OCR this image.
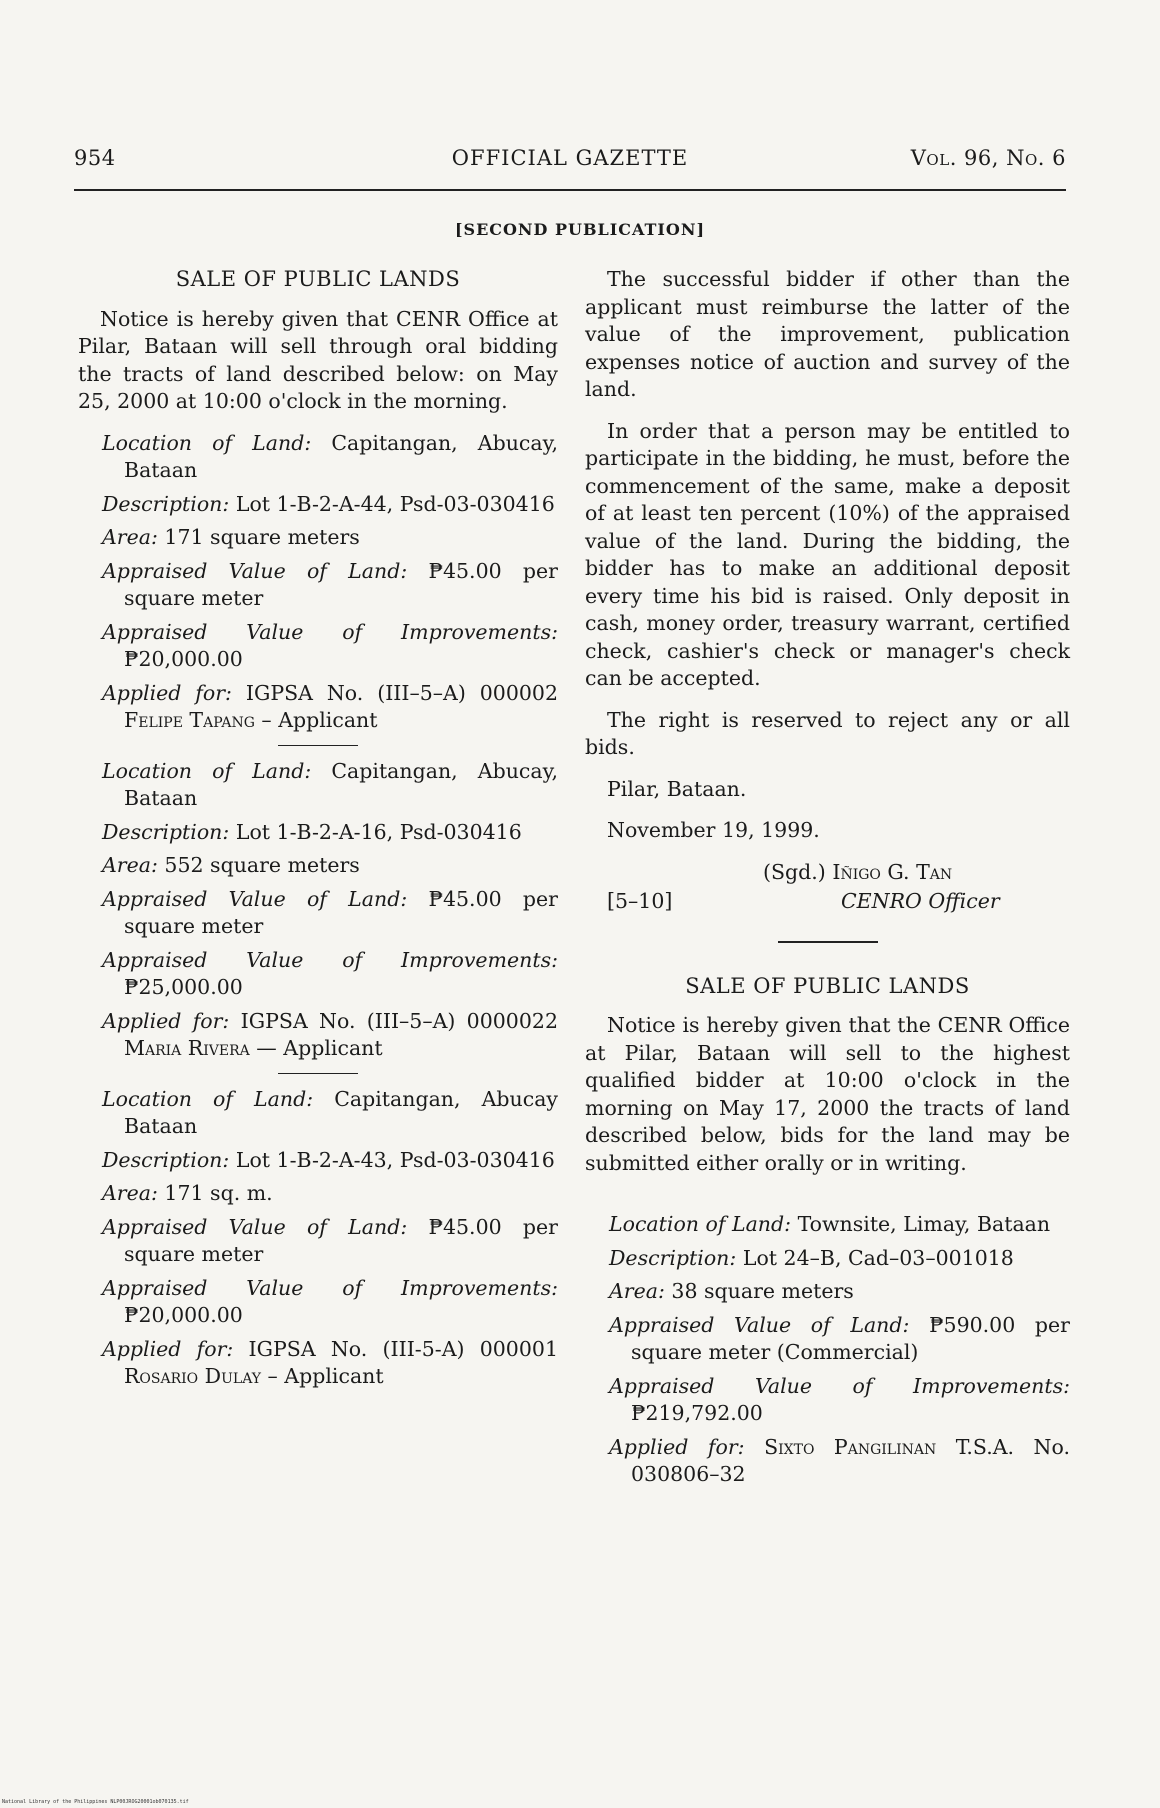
954	OFFICIAL GAZETTE	Vol. 96, No. 6
[SECOND PUBLICATION]
SALE OF PUBLIC LANDS

Notice is hereby given that CENR Office at Pilar, Bataan will sell through oral bidding the tracts of land described below: on May 25, 2000 at 10:00 o'clock in the morning.

Location of Land: Capitangan, Abucay, Bataan

Description: Lot 1-B-2-A-44, Psd-03-030416

Area: 171 square meters

Appraised Value of Land: ₱45.00 per square meter

Appraised Value of Improvements: ₱20,000.00

Applied for: IGPSA No. (III–5–A) 000002 Felipe Tapang – Applicant

Location of Land: Capitangan, Abucay, Bataan

Description: Lot 1-B-2-A-16, Psd-030416

Area: 552 square meters

Appraised Value of Land: ₱45.00 per square meter

Appraised Value of Improvements: ₱25,000.00

Applied for: IGPSA No. (III–5–A) 0000022 Maria Rivera — Applicant

Location of Land: Capitangan, Abucay Bataan

Description: Lot 1-B-2-A-43, Psd-03-030416

Area: 171 sq. m.

Appraised Value of Land: ₱45.00 per square meter

Appraised Value of Improvements: ₱20,000.00

Applied for: IGPSA No. (III-5-A) 000001 Rosario Dulay – Applicant

The successful bidder if other than the applicant must reimburse the latter of the value of the improvement, publication expenses notice of auction and survey of the land.

In order that a person may be entitled to participate in the bidding, he must, before the commencement of the same, make a deposit of at least ten percent (10%) of the appraised value of the land. During the bidding, the bidder has to make an additional deposit every time his bid is raised. Only deposit in cash, money order, treasury warrant, certified check, cashier's check or manager's check can be accepted.

The right is reserved to reject any or all bids.

Pilar, Bataan.

November 19, 1999.

(Sgd.) Iñigo G. Tan
[5–10]	CENRO Officer
SALE OF PUBLIC LANDS

Notice is hereby given that the CENR Office at Pilar, Bataan will sell to the highest qualified bidder at 10:00 o'clock in the morning on May 17, 2000 the tracts of land described below, bids for the land may be submitted either orally or in writing.

Location of Land: Townsite, Limay, Bataan

Description: Lot 24–B, Cad–03–001018

Area: 38 square meters

Appraised Value of Land: ₱590.00 per square meter (Commercial)

Appraised Value of Improvements: ₱219,792.00

Applied for: Sixto Pangilinan T.S.A. No. 030806–32

National Library of the Philippines NLP00JROG20001ob070135.tif
